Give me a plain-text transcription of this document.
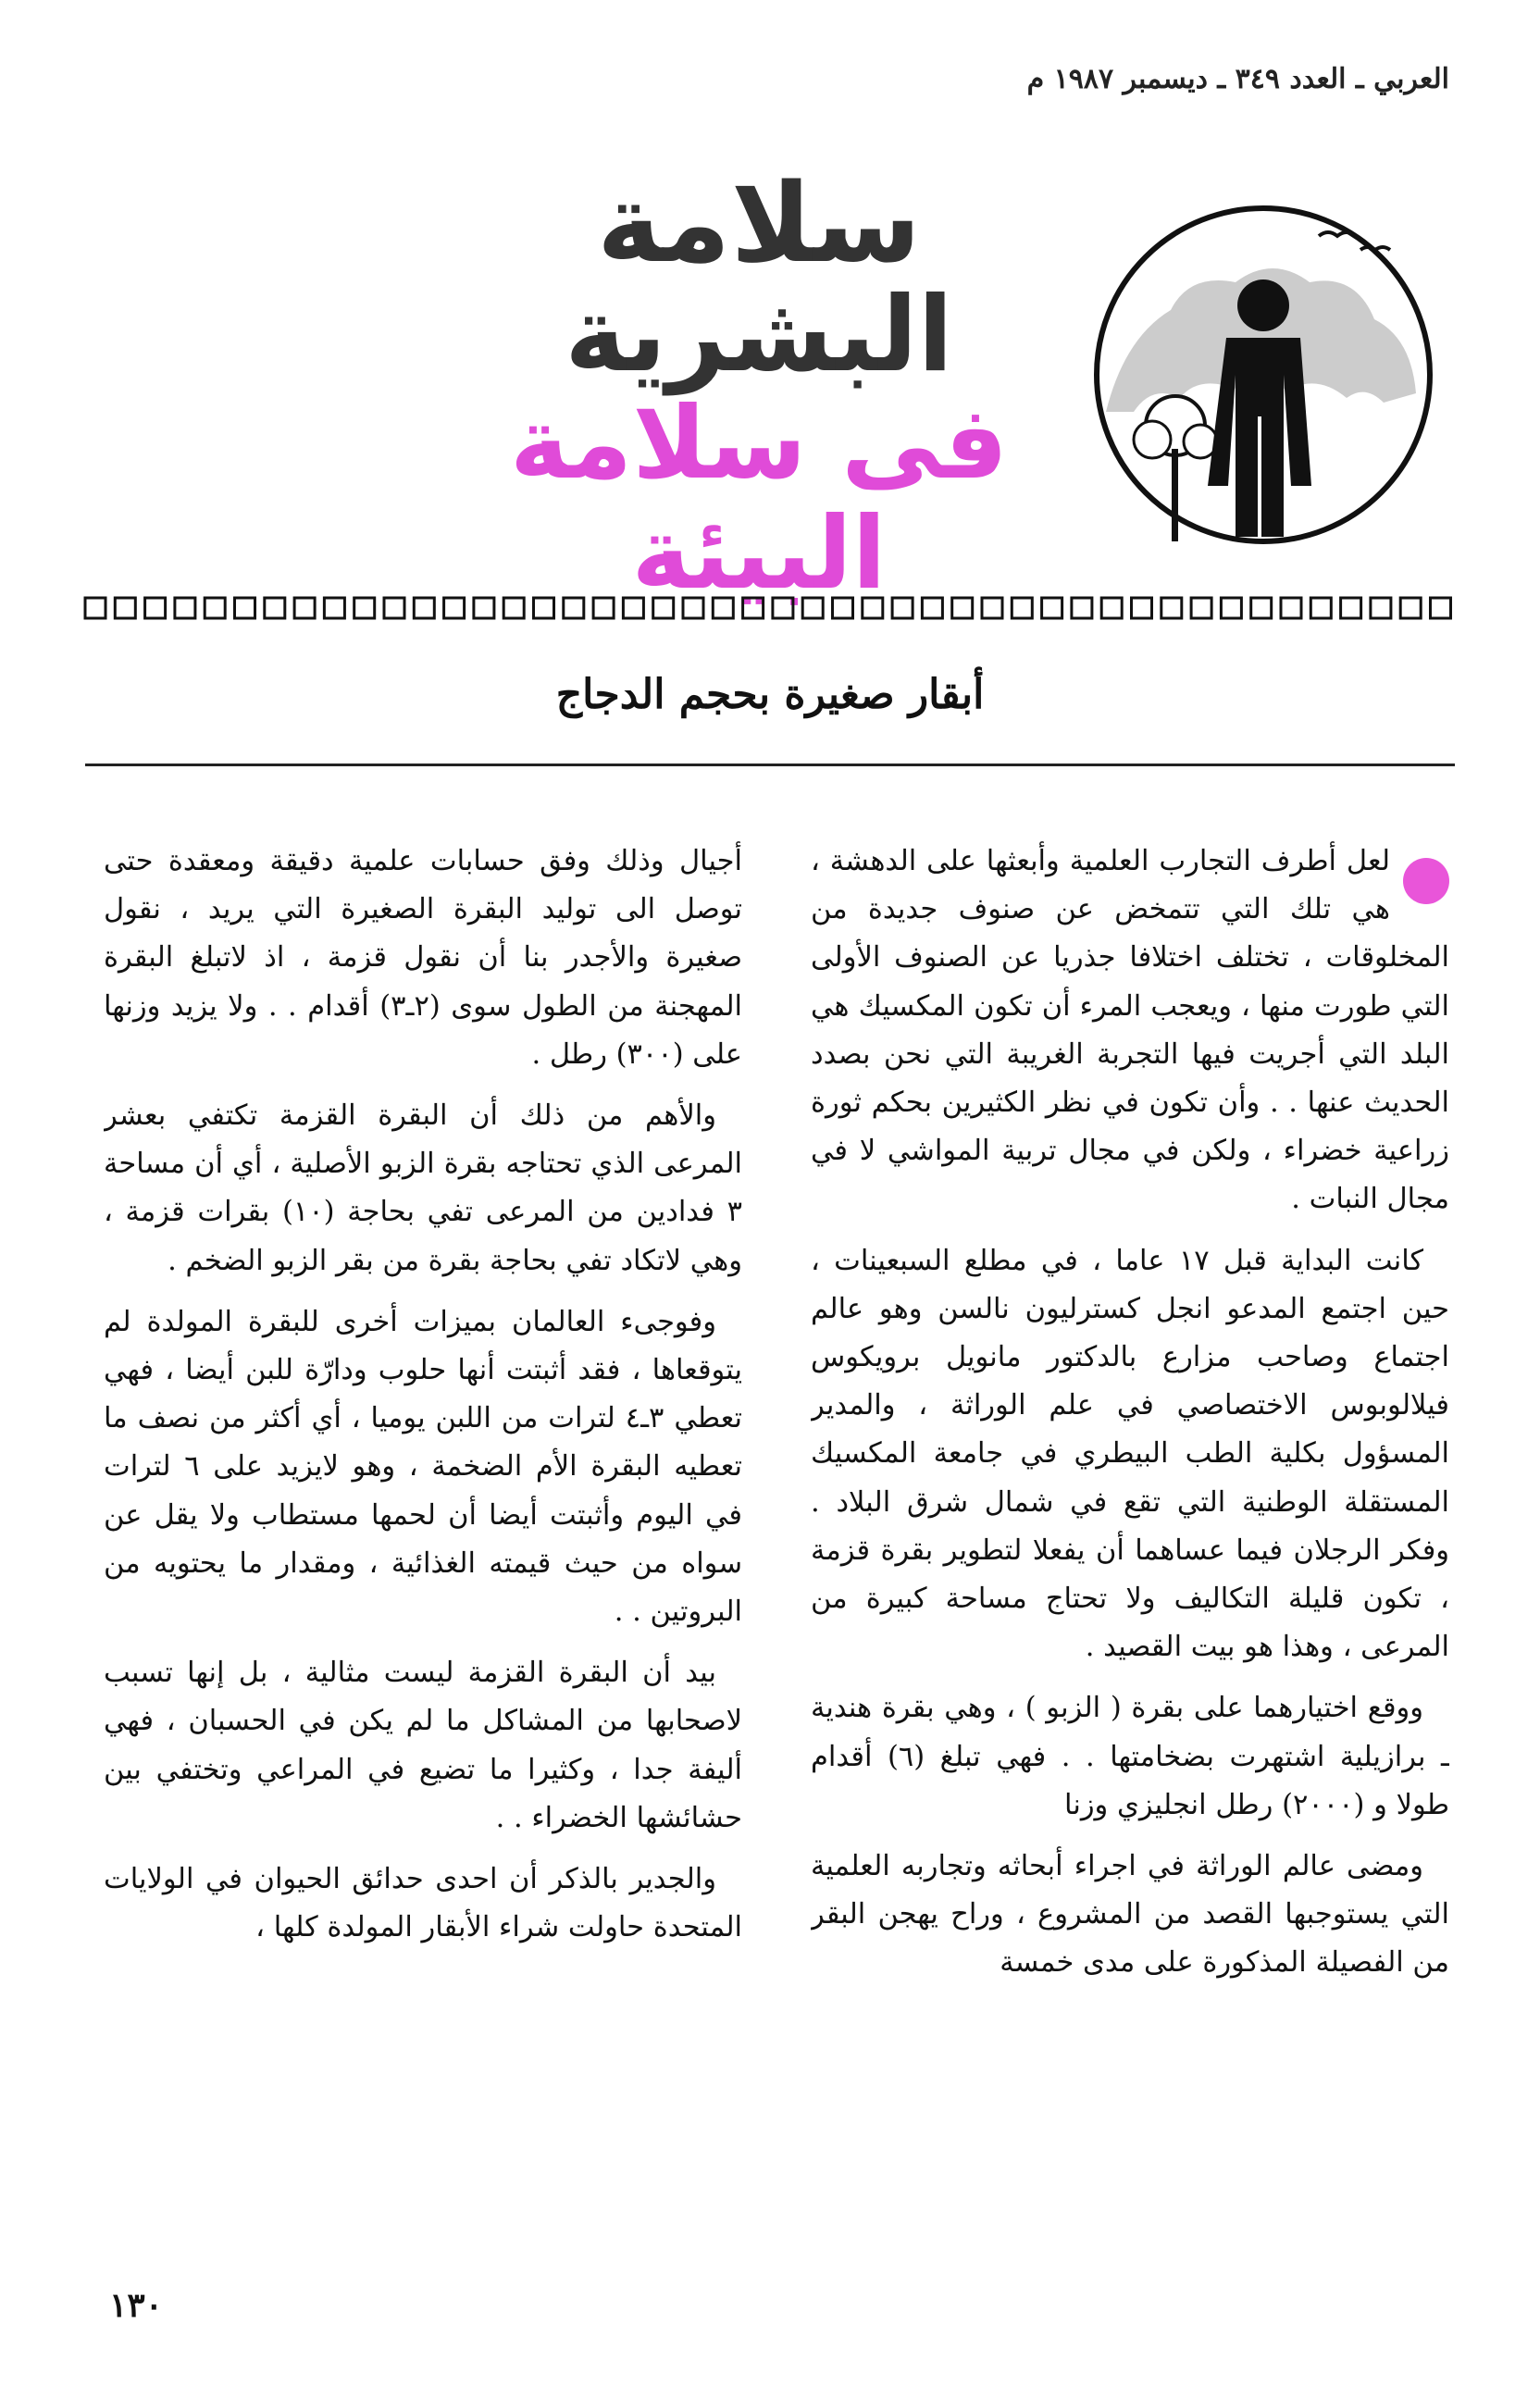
العربي ـ العدد ٣٤٩ ـ ديسمبر ١٩٨٧ م
سلامة
البشرية
فى سلامة البيئة
أبقار صغيرة بحجم الدجاج

لعل أطرف التجارب العلمية وأبعثها على الدهشة ، هي تلك التي تتمخض عن صنوف جديدة من المخلوقات ، تختلف اختلافا جذريا عن الصنوف الأولى التي طورت منها ، ويعجب المرء أن تكون المكسيك هي البلد التي أجريت فيها التجربة الغريبة التي نحن بصدد الحديث عنها . . وأن تكون في نظر الكثيرين بحكم ثورة زراعية خضراء ، ولكن في مجال تربية المواشي لا في مجال النبات .

كانت البداية قبل ١٧ عاما ، في مطلع السبعينات ، حين اجتمع المدعو انجل كسترليون نالسن وهو عالم اجتماع وصاحب مزارع بالدكتور مانويل برويكوس فيلالوبوس الاختصاصي في علم الوراثة ، والمدير المسؤول بكلية الطب البيطري في جامعة المكسيك المستقلة الوطنية التي تقع في شمال شرق البلاد . وفكر الرجلان فيما عساهما أن يفعلا لتطوير بقرة قزمة ، تكون قليلة التكاليف ولا تحتاج مساحة كبيرة من المرعى ، وهذا هو بيت القصيد .

ووقع اختيارهما على بقرة ( الزبو ) ، وهي بقرة هندية ـ برازيلية اشتهرت بضخامتها . . فهي تبلغ (٦) أقدام طولا و (٢٠٠٠) رطل انجليزي وزنا

ومضى عالم الوراثة في اجراء أبحاثه وتجاربه العلمية التي يستوجبها القصد من المشروع ، وراح يهجن البقر من الفصيلة المذكورة على مدى خمسة

أجيال وذلك وفق حسابات علمية دقيقة ومعقدة حتى توصل الى توليد البقرة الصغيرة التي يريد ، نقول صغيرة والأجدر بنا أن نقول قزمة ، اذ لاتبلغ البقرة المهجنة من الطول سوى (٢ـ٣) أقدام . . ولا يزيد وزنها على (٣٠٠) رطل .

والأهم من ذلك أن البقرة القزمة تكتفي بعشر المرعى الذي تحتاجه بقرة الزبو الأصلية ، أي أن مساحة ٣ فدادين من المرعى تفي بحاجة (١٠) بقرات قزمة ، وهي لاتكاد تفي بحاجة بقرة من بقر الزبو الضخم .

وفوجىء العالمان بميزات أخرى للبقرة المولدة لم يتوقعاها ، فقد أثبتت أنها حلوب ودارّة للبن أيضا ، فهي تعطي ٣ـ٤ لترات من اللبن يوميا ، أي أكثر من نصف ما تعطيه البقرة الأم الضخمة ، وهو لايزيد على ٦ لترات في اليوم وأثبتت أيضا أن لحمها مستطاب ولا يقل عن سواه من حيث قيمته الغذائية ، ومقدار ما يحتويه من البروتين . .

بيد أن البقرة القزمة ليست مثالية ، بل إنها تسبب لاصحابها من المشاكل ما لم يكن في الحسبان ، فهي أليفة جدا ، وكثيرا ما تضيع في المراعي وتختفي بين حشائشها الخضراء . .

والجدير بالذكر أن احدى حدائق الحيوان في الولايات المتحدة حاولت شراء الأبقار المولدة كلها ،

١٣٠
